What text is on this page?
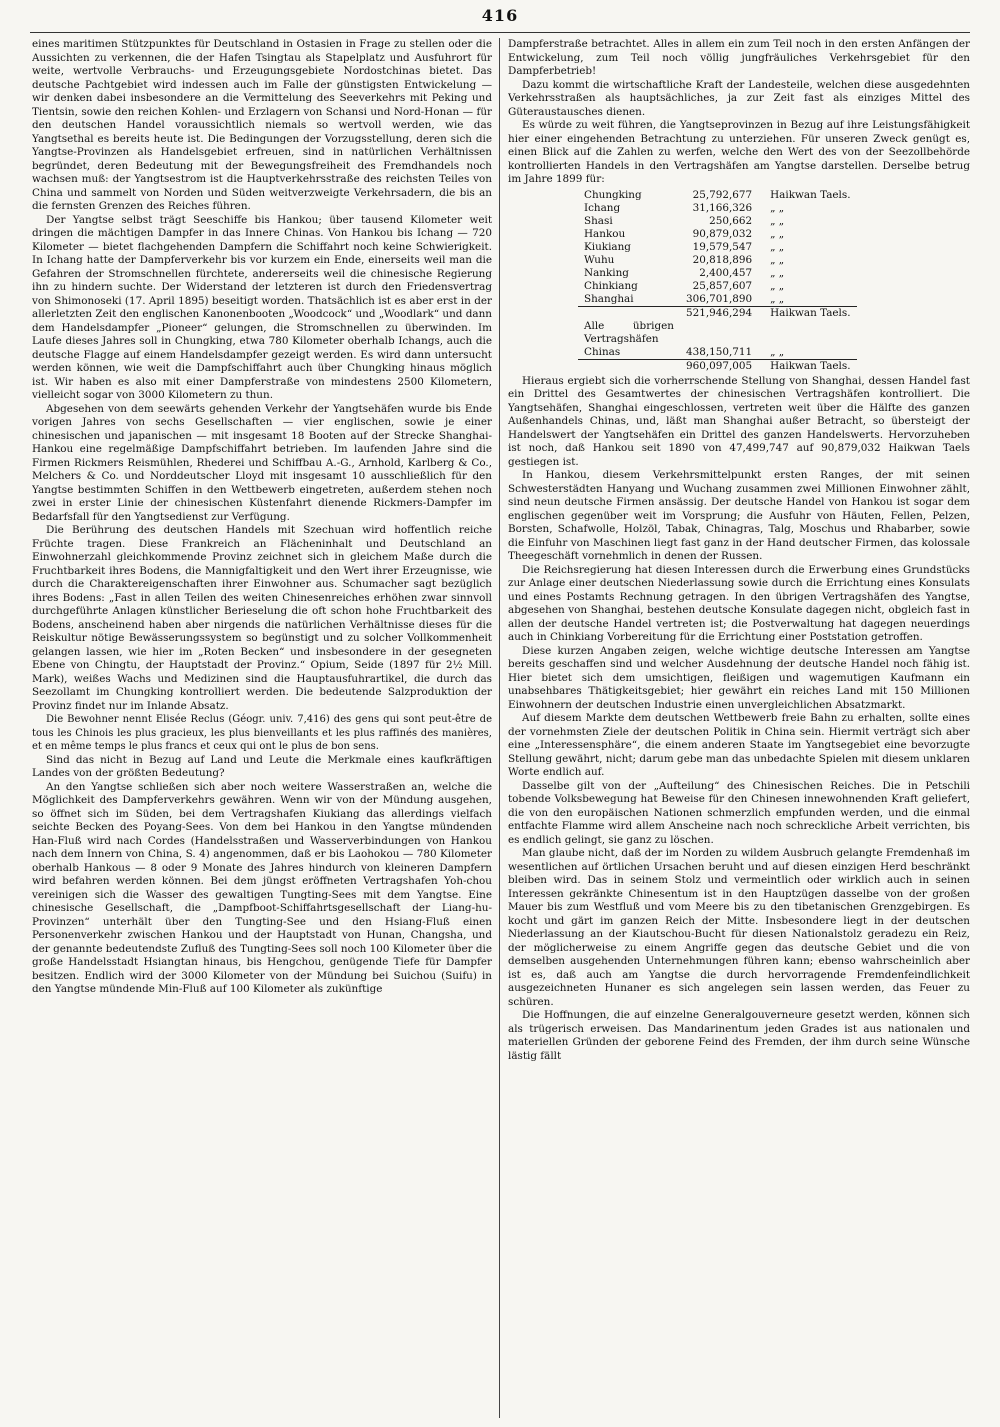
416

eines maritimen Stützpunktes für Deutschland in Ostasien in Frage zu stellen oder die Aussichten zu verkennen, die der Hafen Tsingtau als Stapelplatz und Ausfuhrort für weite, wertvolle Verbrauchs- und Erzeugungsgebiete Nordostchinas bietet. Das deutsche Pachtgebiet wird indessen auch im Falle der günstigsten Entwickelung — wir denken dabei insbesondere an die Vermittelung des Seeverkehrs mit Peking und Tientsin, sowie den reichen Kohlen- und Erzlagern von Schansi und Nord-Honan — für den deutschen Handel voraussichtlich niemals so wertvoll werden, wie das Yangtsethal es bereits heute ist. Die Bedingungen der Vorzugsstellung, deren sich die Yangtse-Provinzen als Handelsgebiet erfreuen, sind in natürlichen Verhältnissen begründet, deren Bedeutung mit der Bewegungsfreiheit des Fremdhandels noch wachsen muß: der Yangtsestrom ist die Hauptverkehrsstraße des reichsten Teiles von China und sammelt von Norden und Süden weitverzweigte Verkehrsadern, die bis an die fernsten Grenzen des Reiches führen.

Der Yangtse selbst trägt Seeschiffe bis Hankou; über tausend Kilometer weit dringen die mächtigen Dampfer in das Innere Chinas. Von Hankou bis Ichang — 720 Kilometer — bietet flachgehenden Dampfern die Schiffahrt noch keine Schwierigkeit. In Ichang hatte der Dampferverkehr bis vor kurzem ein Ende, einerseits weil man die Gefahren der Stromschnellen fürchtete, andererseits weil die chinesische Regierung ihn zu hindern suchte. Der Widerstand der letzteren ist durch den Friedensvertrag von Shimonoseki (17. April 1895) beseitigt worden. Thatsächlich ist es aber erst in der allerletzten Zeit den englischen Kanonenbooten „Woodcock“ und „Woodlark“ und dann dem Handelsdampfer „Pioneer“ gelungen, die Stromschnellen zu überwinden. Im Laufe dieses Jahres soll in Chungking, etwa 780 Kilometer oberhalb Ichangs, auch die deutsche Flagge auf einem Handelsdampfer gezeigt werden. Es wird dann untersucht werden können, wie weit die Dampfschiffahrt auch über Chungking hinaus möglich ist. Wir haben es also mit einer Dampferstraße von mindestens 2500 Kilometern, vielleicht sogar von 3000 Kilometern zu thun.

Abgesehen von dem seewärts gehenden Verkehr der Yangtsehäfen wurde bis Ende vorigen Jahres von sechs Gesellschaften — vier englischen, sowie je einer chinesischen und japanischen — mit insgesamt 18 Booten auf der Strecke Shanghai-Hankou eine regelmäßige Dampfschiffahrt betrieben. Im laufenden Jahre sind die Firmen Rickmers Reismühlen, Rhederei und Schiffbau A.-G., Arnhold, Karlberg & Co., Melchers & Co. und Norddeutscher Lloyd mit insgesamt 10 ausschließlich für den Yangtse bestimmten Schiffen in den Wettbewerb eingetreten, außerdem stehen noch zwei in erster Linie der chinesischen Küstenfahrt dienende Rickmers-Dampfer im Bedarfsfall für den Yangtsedienst zur Verfügung.

Die Berührung des deutschen Handels mit Szechuan wird hoffentlich reiche Früchte tragen. Diese Frankreich an Flächeninhalt und Deutschland an Einwohnerzahl gleichkommende Provinz zeichnet sich in gleichem Maße durch die Fruchtbarkeit ihres Bodens, die Mannigfaltigkeit und den Wert ihrer Erzeugnisse, wie durch die Charaktereigenschaften ihrer Einwohner aus. Schumacher sagt bezüglich ihres Bodens: „Fast in allen Teilen des weiten Chinesenreiches erhöhen zwar sinnvoll durchgeführte Anlagen künstlicher Berieselung die oft schon hohe Fruchtbarkeit des Bodens, anscheinend haben aber nirgends die natürlichen Verhältnisse dieses für die Reiskultur nötige Bewässerungssystem so begünstigt und zu solcher Vollkommenheit gelangen lassen, wie hier im „Roten Becken“ und insbesondere in der gesegneten Ebene von Chingtu, der Hauptstadt der Provinz.“ Opium, Seide (1897 für 2½ Mill. Mark), weißes Wachs und Medizinen sind die Hauptausfuhrartikel, die durch das Seezollamt im Chungking kontrolliert werden. Die bedeutende Salzproduktion der Provinz findet nur im Inlande Absatz.

Die Bewohner nennt Elisée Reclus (Géogr. univ. 7,416) des gens qui sont peut-être de tous les Chinois les plus gracieux, les plus bienveillants et les plus raffinés des manières, et en même temps le plus francs et ceux qui ont le plus de bon sens.

Sind das nicht in Bezug auf Land und Leute die Merkmale eines kaufkräftigen Landes von der größten Bedeutung?

An den Yangtse schließen sich aber noch weitere Wasserstraßen an, welche die Möglichkeit des Dampferverkehrs gewähren. Wenn wir von der Mündung ausgehen, so öffnet sich im Süden, bei dem Vertragshafen Kiukiang das allerdings vielfach seichte Becken des Poyang-Sees. Von dem bei Hankou in den Yangtse mündenden Han-Fluß wird nach Cordes (Handelsstraßen und Wasserverbindungen von Hankou nach dem Innern von China, S. 4) angenommen, daß er bis Laohokou — 780 Kilometer oberhalb Hankous — 8 oder 9 Monate des Jahres hindurch von kleineren Dampfern wird befahren werden können. Bei dem jüngst eröffneten Vertragshafen Yoh-chou vereinigen sich die Wasser des gewaltigen Tungting-Sees mit dem Yangtse. Eine chinesische Gesellschaft, die „Dampfboot-Schiffahrtsgesellschaft der Liang-hu-Provinzen“ unterhält über den Tungting-See und den Hsiang-Fluß einen Personenverkehr zwischen Hankou und der Hauptstadt von Hunan, Changsha, und der genannte bedeutendste Zufluß des Tungting-Sees soll noch 100 Kilometer über die große Handelsstadt Hsiangtan hinaus, bis Hengchou, genügende Tiefe für Dampfer besitzen. Endlich wird der 3000 Kilometer von der Mündung bei Suichou (Suifu) in den Yangtse mündende Min-Fluß auf 100 Kilometer als zukünftige

Dampferstraße betrachtet. Alles in allem ein zum Teil noch in den ersten Anfängen der Entwickelung, zum Teil noch völlig jungfräuliches Verkehrsgebiet für den Dampferbetrieb!

Dazu kommt die wirtschaftliche Kraft der Landesteile, welchen diese ausgedehnten Verkehrsstraßen als hauptsächliches, ja zur Zeit fast als einziges Mittel des Güteraustausches dienen.

Es würde zu weit führen, die Yangtseprovinzen in Bezug auf ihre Leistungsfähigkeit hier einer eingehenden Betrachtung zu unterziehen. Für unseren Zweck genügt es, einen Blick auf die Zahlen zu werfen, welche den Wert des von der Seezollbehörde kontrollierten Handels in den Vertragshäfen am Yangtse darstellen. Derselbe betrug im Jahre 1899 für:

Chungking	25,792,677	Haikwan Taels.
Ichang	31,166,326	„ „
Shasi	250,662	„ „
Hankou	90,879,032	„ „
Kiukiang	19,579,547	„ „
Wuhu	20,818,896	„ „
Nanking	2,400,457	„ „
Chinkiang	25,857,607	„ „
Shanghai	306,701,890	„ „
	521,946,294	Haikwan Taels.
Alle übrigen Vertragshäfen Chinas	438,150,711	„ „
	960,097,005	Haikwan Taels.

Hieraus ergiebt sich die vorherrschende Stellung von Shanghai, dessen Handel fast ein Drittel des Gesamtwertes der chinesischen Vertragshäfen kontrolliert. Die Yangtsehäfen, Shanghai eingeschlossen, vertreten weit über die Hälfte des ganzen Außenhandels Chinas, und, läßt man Shanghai außer Betracht, so übersteigt der Handelswert der Yangtsehäfen ein Drittel des ganzen Handelswerts. Hervorzuheben ist noch, daß Hankou seit 1890 von 47,499,747 auf 90,879,032 Haikwan Taels gestiegen ist.

In Hankou, diesem Verkehrsmittelpunkt ersten Ranges, der mit seinen Schwesterstädten Hanyang und Wuchang zusammen zwei Millionen Einwohner zählt, sind neun deutsche Firmen ansässig. Der deutsche Handel von Hankou ist sogar dem englischen gegenüber weit im Vorsprung; die Ausfuhr von Häuten, Fellen, Pelzen, Borsten, Schafwolle, Holzöl, Tabak, Chinagras, Talg, Moschus und Rhabarber, sowie die Einfuhr von Maschinen liegt fast ganz in der Hand deutscher Firmen, das kolossale Theegeschäft vornehmlich in denen der Russen.

Die Reichsregierung hat diesen Interessen durch die Erwerbung eines Grundstücks zur Anlage einer deutschen Niederlassung sowie durch die Errichtung eines Konsulats und eines Postamts Rechnung getragen. In den übrigen Vertragshäfen des Yangtse, abgesehen von Shanghai, bestehen deutsche Konsulate dagegen nicht, obgleich fast in allen der deutsche Handel vertreten ist; die Postverwaltung hat dagegen neuerdings auch in Chinkiang Vorbereitung für die Errichtung einer Poststation getroffen.

Diese kurzen Angaben zeigen, welche wichtige deutsche Interessen am Yangtse bereits geschaffen sind und welcher Ausdehnung der deutsche Handel noch fähig ist. Hier bietet sich dem umsichtigen, fleißigen und wagemutigen Kaufmann ein unabsehbares Thätigkeitsgebiet; hier gewährt ein reiches Land mit 150 Millionen Einwohnern der deutschen Industrie einen unvergleichlichen Absatzmarkt.

Auf diesem Markte dem deutschen Wettbewerb freie Bahn zu erhalten, sollte eines der vornehmsten Ziele der deutschen Politik in China sein. Hiermit verträgt sich aber eine „Interessensphäre“, die einem anderen Staate im Yangtsegebiet eine bevorzugte Stellung gewährt, nicht; darum gebe man das unbedachte Spielen mit diesem unklaren Worte endlich auf.

Dasselbe gilt von der „Aufteilung“ des Chinesischen Reiches. Die in Petschili tobende Volksbewegung hat Beweise für den Chinesen innewohnenden Kraft geliefert, die von den europäischen Nationen schmerzlich empfunden werden, und die einmal entfachte Flamme wird allem Anscheine nach noch schreckliche Arbeit verrichten, bis es endlich gelingt, sie ganz zu löschen.

Man glaube nicht, daß der im Norden zu wildem Ausbruch gelangte Fremdenhaß im wesentlichen auf örtlichen Ursachen beruht und auf diesen einzigen Herd beschränkt bleiben wird. Das in seinem Stolz und vermeintlich oder wirklich auch in seinen Interessen gekränkte Chinesentum ist in den Hauptzügen dasselbe von der großen Mauer bis zum Westfluß und vom Meere bis zu den tibetanischen Grenzgebirgen. Es kocht und gärt im ganzen Reich der Mitte. Insbesondere liegt in der deutschen Niederlassung an der Kiautschou-Bucht für diesen Nationalstolz geradezu ein Reiz, der möglicherweise zu einem Angriffe gegen das deutsche Gebiet und die von demselben ausgehenden Unternehmungen führen kann; ebenso wahrscheinlich aber ist es, daß auch am Yangtse die durch hervorragende Fremdenfeindlichkeit ausgezeichneten Hunaner es sich angelegen sein lassen werden, das Feuer zu schüren.

Die Hoffnungen, die auf einzelne Generalgouverneure gesetzt werden, können sich als trügerisch erweisen. Das Mandarinentum jeden Grades ist aus nationalen und materiellen Gründen der geborene Feind des Fremden, der ihm durch seine Wünsche lästig fällt
